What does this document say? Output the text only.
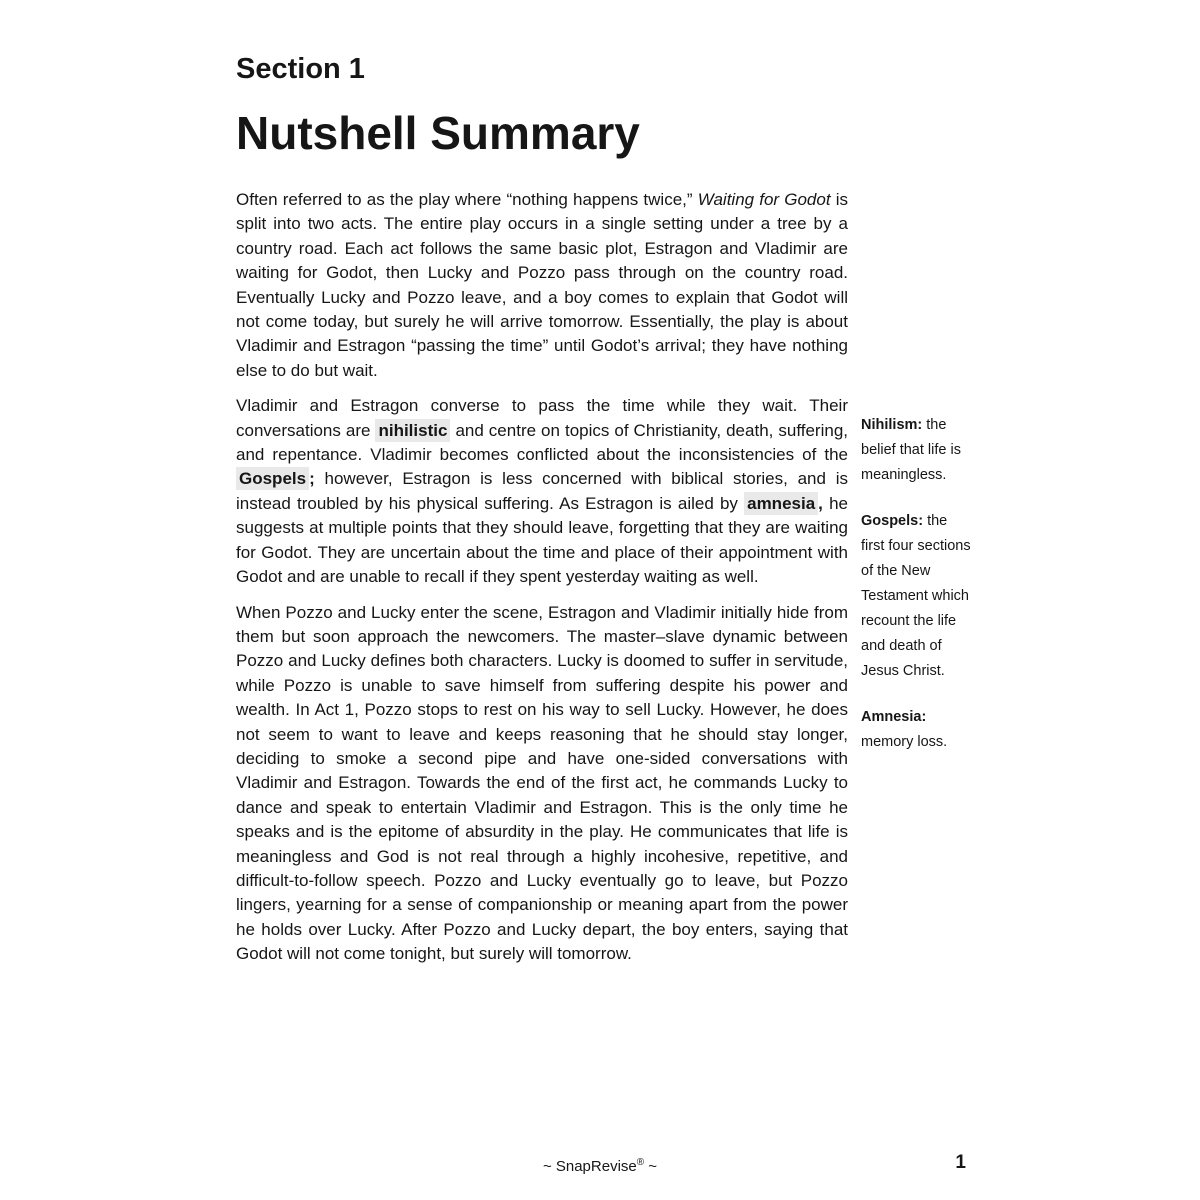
Section 1
Nutshell Summary

Often referred to as the play where “nothing happens twice,” Waiting for Godot is split into two acts. The entire play occurs in a single setting under a tree by a country road. Each act follows the same basic plot, Estragon and Vladimir are waiting for Godot, then Lucky and Pozzo pass through on the country road. Eventually Lucky and Pozzo leave, and a boy comes to explain that Godot will not come today, but surely he will arrive tomorrow. Essentially, the play is about Vladimir and Estragon “passing the time” until Godot’s arrival; they have nothing else to do but wait.

Vladimir and Estragon converse to pass the time while they wait. Their conversations are nihilistic and centre on topics of Christianity, death, suffering, and repentance. Vladimir becomes conflicted about the inconsistencies of the Gospels ; however, Estragon is less concerned with biblical stories, and is instead troubled by his physical suffering. As Estragon is ailed by amnesia , he suggests at multiple points that they should leave, forgetting that they are waiting for Godot. They are uncertain about the time and place of their appointment with Godot and are unable to recall if they spent yesterday waiting as well.

When Pozzo and Lucky enter the scene, Estragon and Vladimir initially hide from them but soon approach the newcomers. The master–slave dynamic between Pozzo and Lucky defines both characters. Lucky is doomed to suffer in servitude, while Pozzo is unable to save himself from suffering despite his power and wealth. In Act 1, Pozzo stops to rest on his way to sell Lucky. However, he does not seem to want to leave and keeps reasoning that he should stay longer, deciding to smoke a second pipe and have one-sided conversations with Vladimir and Estragon. Towards the end of the first act, he commands Lucky to dance and speak to entertain Vladimir and Estragon. This is the only time he speaks and is the epitome of absurdity in the play. He communicates that life is meaningless and God is not real through a highly incohesive, repetitive, and difficult-to-follow speech. Pozzo and Lucky eventually go to leave, but Pozzo lingers, yearning for a sense of companionship or meaning apart from the power he holds over Lucky. After Pozzo and Lucky depart, the boy enters, saying that Godot will not come tonight, but surely will tomorrow.

Nihilism: the belief that life is meaningless.
Gospels: the first four sections of the New Testament which recount the life and death of Jesus Christ.
Amnesia: memory loss.
~ SnapRevise® ~	1
